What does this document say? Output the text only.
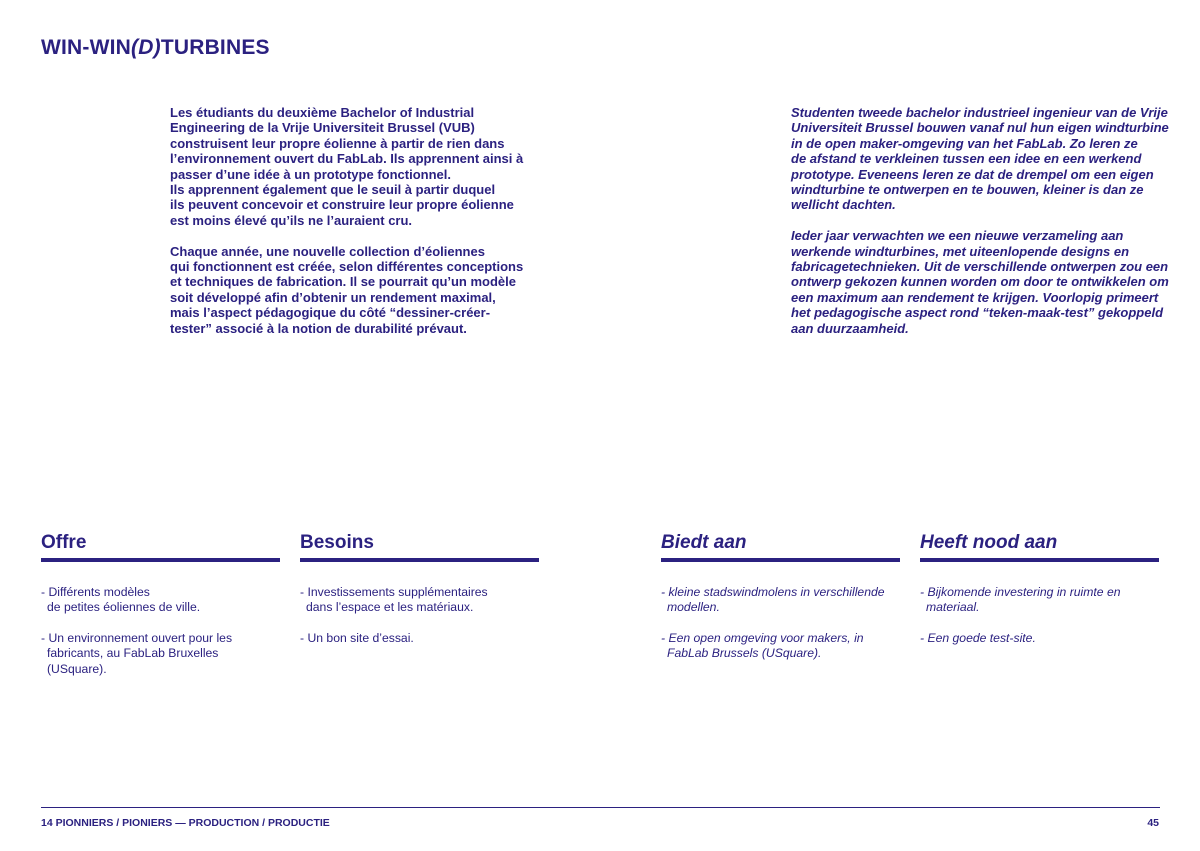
WIN-WIN(D)TURBINES

Les étudiants du deuxième Bachelor of Industrial
Engineering de la Vrije Universiteit Brussel (VUB)
construisent leur propre éolienne à partir de rien dans
l’environnement ouvert du FabLab. Ils apprennent ainsi à
passer d’une idée à un prototype fonctionnel.
Ils apprennent également que le seuil à partir duquel
ils peuvent concevoir et construire leur propre éolienne
est moins élevé qu’ils ne l’auraient cru.

Chaque année, une nouvelle collection d’éoliennes
qui fonctionnent est créée, selon différentes conceptions
et techniques de fabrication. Il se pourrait qu’un modèle
soit développé afin d’obtenir un rendement maximal,
mais l’aspect pédagogique du côté “dessiner-créer-
tester” associé à la notion de durabilité prévaut.

Studenten tweede bachelor industrieel ingenieur van de Vrije
Universiteit Brussel bouwen vanaf nul hun eigen windturbine
in de open maker-omgeving van het FabLab. Zo leren ze
de afstand te verkleinen tussen een idee en een werkend
prototype. Eveneens leren ze dat de drempel om een eigen
windturbine te ontwerpen en te bouwen, kleiner is dan ze
wellicht dachten.

Ieder jaar verwachten we een nieuwe verzameling aan
werkende windturbines, met uiteenlopende designs en
fabricagetechnieken. Uit de verschillende ontwerpen zou een
ontwerp gekozen kunnen worden om door te ontwikkelen om
een maximum aan rendement te krijgen. Voorlopig primeert
het pedagogische aspect rond “teken-maak-test” gekoppeld
aan duurzaamheid.

Offre
- Différents modèles
de petites éoliennes de ville.
- Un environnement ouvert pour les
fabricants, au FabLab Bruxelles
(USquare).
Besoins
- Investissements supplémentaires
dans l’espace et les matériaux.
- Un bon site d’essai.
Biedt aan
- kleine stadswindmolens in verschillende
modellen.
- Een open omgeving voor makers, in
FabLab Brussels (USquare).
Heeft nood aan
- Bijkomende investering in ruimte en
materiaal.
- Een goede test-site.
14 PIONNIERS / PIONIERS — PRODUCTION / PRODUCTIE	45
